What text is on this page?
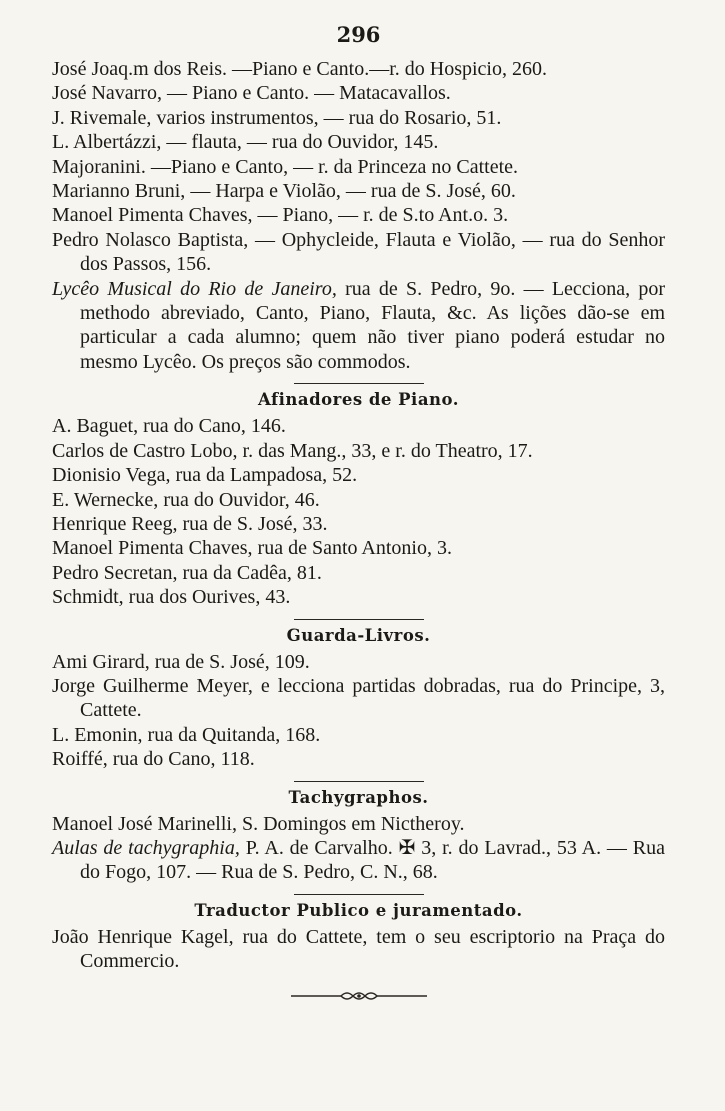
296
José Joaq.m dos Reis. —Piano e Canto.—r. do Hospicio, 260.
José Navarro, — Piano e Canto. — Matacavallos.
J. Rivemale, varios instrumentos, — rua do Rosario, 51.
L. Albertázzi, — flauta, — rua do Ouvidor, 145.
Majoranini. —Piano e Canto, — r. da Princeza no Cattete.
Marianno Bruni, — Harpa e Violão, — rua de S. José, 60.
Manoel Pimenta Chaves, — Piano, — r. de S.to Ant.o. 3.
Pedro Nolasco Baptista, — Ophycleide, Flauta e Violão, — rua do Senhor dos Passos, 156.
Lycêo Musical do Rio de Janeiro, rua de S. Pedro, 9o. — Lecciona, por methodo abreviado, Canto, Piano, Flauta, &c. As lições dão-se em particular a cada alumno; quem não tiver piano poderá estudar no mesmo Lycêo. Os preços são commodos.
Afinadores de Piano.
A. Baguet, rua do Cano, 146.
Carlos de Castro Lobo, r. das Mang., 33, e r. do Theatro, 17.
Dionisio Vega, rua da Lampadosa, 52.
E. Wernecke, rua do Ouvidor, 46.
Henrique Reeg, rua de S. José, 33.
Manoel Pimenta Chaves, rua de Santo Antonio, 3.
Pedro Secretan, rua da Cadêa, 81.
Schmidt, rua dos Ourives, 43.
Guarda-Livros.
Ami Girard, rua de S. José, 109.
Jorge Guilherme Meyer, e lecciona partidas dobradas, rua do Principe, 3, Cattete.
L. Emonin, rua da Quitanda, 168.
Roiffé, rua do Cano, 118.
Tachygraphos.
Manoel José Marinelli, S. Domingos em Nictheroy.
Aulas de tachygraphia, P. A. de Carvalho. ✠ 3, r. do Lavrad., 53 A. — Rua do Fogo, 107. — Rua de S. Pedro, C. N., 68.
Traductor Publico e juramentado.
João Henrique Kagel, rua do Cattete, tem o seu escriptorio na Praça do Commercio.
